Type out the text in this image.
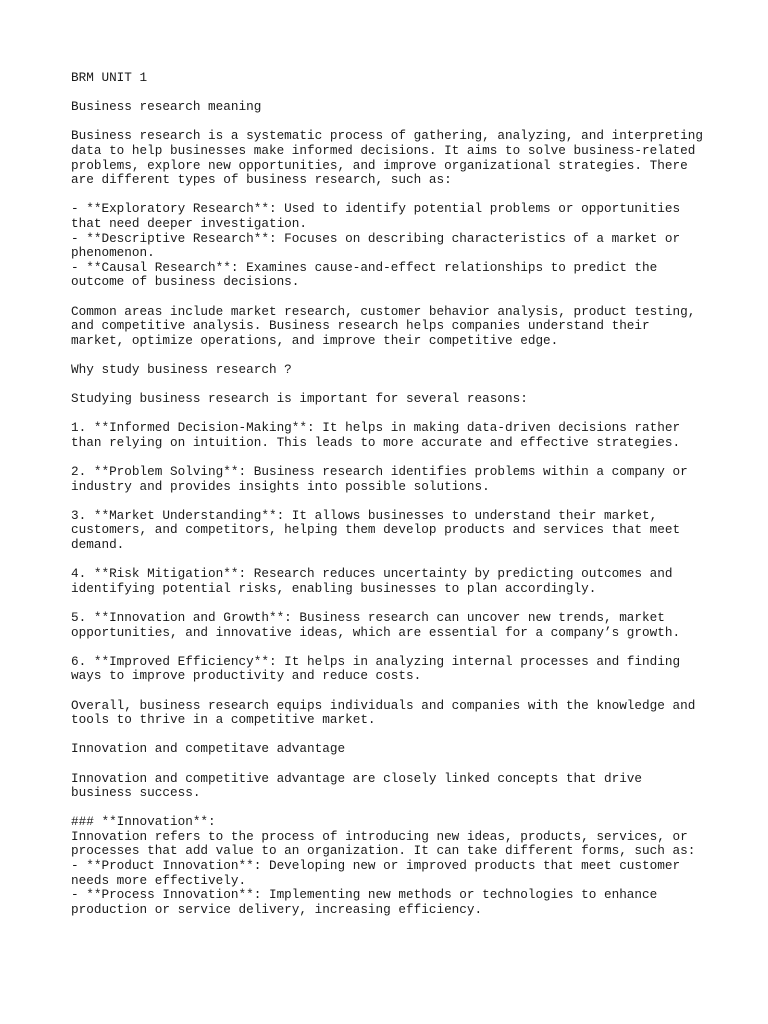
BRM UNIT 1
Business research meaning
Business research is a systematic process of gathering, analyzing, and interpreting
data to help businesses make informed decisions. It aims to solve business-related
problems, explore new opportunities, and improve organizational strategies. There
are different types of business research, such as:
- **Exploratory Research**: Used to identify potential problems or opportunities
that need deeper investigation.
- **Descriptive Research**: Focuses on describing characteristics of a market or
phenomenon.
- **Causal Research**: Examines cause-and-effect relationships to predict the
outcome of business decisions.
Common areas include market research, customer behavior analysis, product testing,
and competitive analysis. Business research helps companies understand their
market, optimize operations, and improve their competitive edge.
Why study business research ?
Studying business research is important for several reasons:
1. **Informed Decision-Making**: It helps in making data-driven decisions rather
than relying on intuition. This leads to more accurate and effective strategies.
2. **Problem Solving**: Business research identifies problems within a company or
industry and provides insights into possible solutions.
3. **Market Understanding**: It allows businesses to understand their market,
customers, and competitors, helping them develop products and services that meet
demand.
4. **Risk Mitigation**: Research reduces uncertainty by predicting outcomes and
identifying potential risks, enabling businesses to plan accordingly.
5. **Innovation and Growth**: Business research can uncover new trends, market
opportunities, and innovative ideas, which are essential for a company’s growth.
6. **Improved Efficiency**: It helps in analyzing internal processes and finding
ways to improve productivity and reduce costs.
Overall, business research equips individuals and companies with the knowledge and
tools to thrive in a competitive market.
Innovation and competitave advantage
Innovation and competitive advantage are closely linked concepts that drive
business success.
### **Innovation**:
Innovation refers to the process of introducing new ideas, products, services, or
processes that add value to an organization. It can take different forms, such as:
- **Product Innovation**: Developing new or improved products that meet customer
needs more effectively.
- **Process Innovation**: Implementing new methods or technologies to enhance
production or service delivery, increasing efficiency.
